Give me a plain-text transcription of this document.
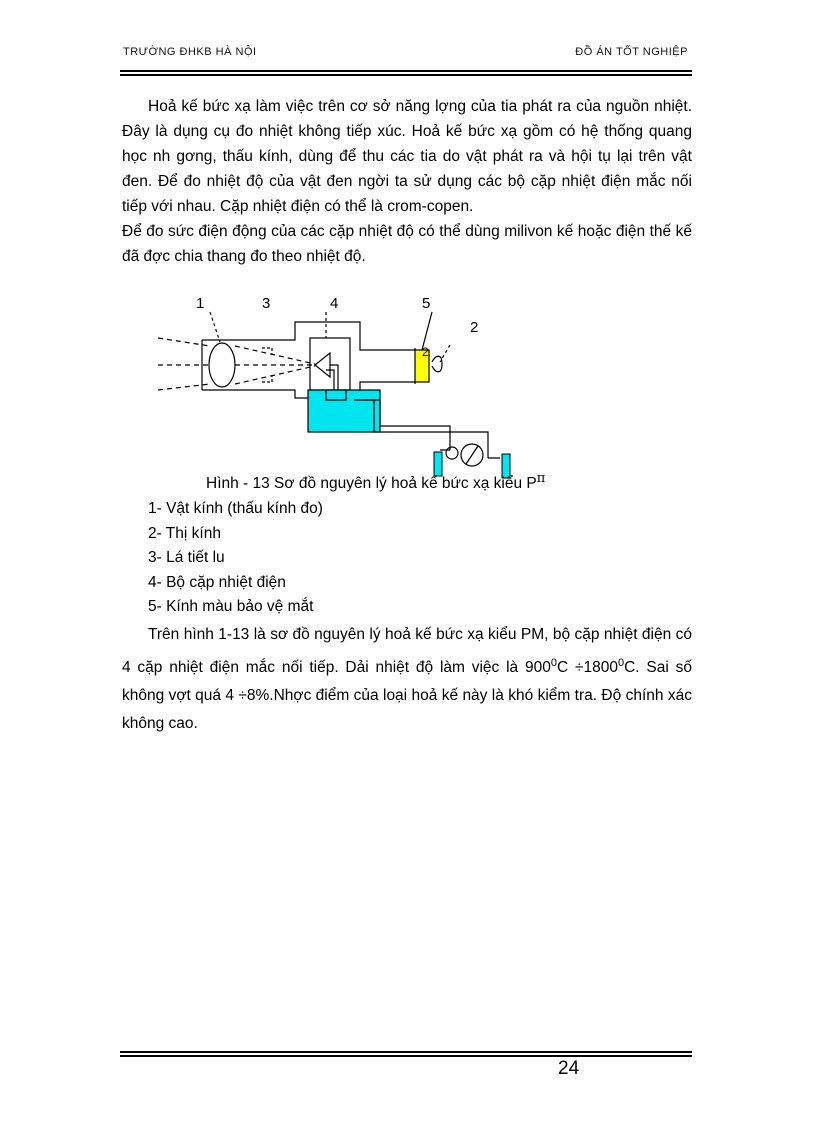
TRƯỜNG ĐHKB HÀ NỘI	ĐỒ ÁN TỐT NGHIỆP

Hoả kế bức xạ làm việc trên cơ sở năng lợng của tia phát ra của nguồn nhiệt. Đây là dụng cụ đo nhiệt không tiếp xúc. Hoả kế bức xạ gồm có hệ thống quang học nh gơng, thấu kính, dùng để thu các tia do vật phát ra và hội tụ lại trên vật đen. Để đo nhiệt độ của vật đen ngời ta sử dụng các bộ cặp nhiệt điện mắc nối tiếp với nhau. Cặp nhiệt điện có thể là crom-copen.

Để đo sức điện động của các cặp nhiệt độ có thể dùng milivon kế hoặc điện thế kế đã đợc chia thang đo theo nhiệt độ.

2
1	3	4	5
2
Hình - 13 Sơ đồ nguyên lý hoả kế bức xạ kiểu $P^\pi$
1- Vật kính (thấu kính đo)
2- Thị kính
3- Lá tiết lu
4- Bộ cặp nhiệt điện
5- Kính màu bảo vệ mắt

Trên hình 1-13 là sơ đồ nguyên lý hoả kế bức xạ kiểu PM, bộ cặp nhiệt điện có 4 cặp nhiệt điện mắc nối tiếp. Dải nhiệt độ làm việc là $900^0C \div 1800^0C$. Sai số không vợt quá 4 ÷8%.Nhợc điểm của loại hoả kế này là khó kiểm tra. Độ chính xác không cao.

24
